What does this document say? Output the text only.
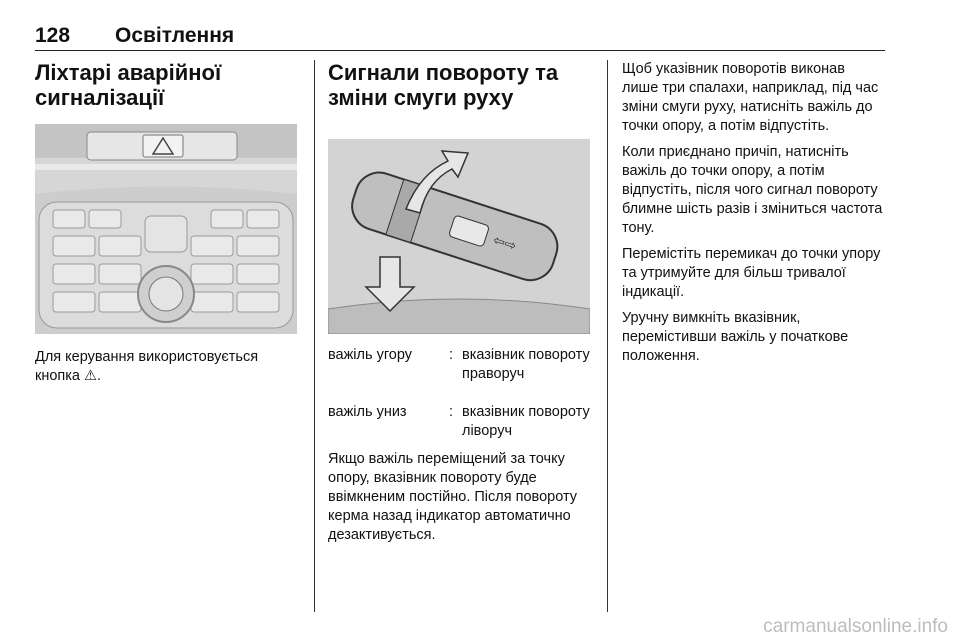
128 Освітлення
Ліхтарі аварійної сигналізації

Для керування використовується кнопка ⚠.

Сигнали повороту та зміни смуги руху
⇦⇨
важіль угору	: вказівник повороту праворуч
важіль униз	: вказівник повороту ліворуч

Якщо важіль переміщений за точку опору, вказівник повороту буде ввімкненим постійно. Після повороту керма назад індикатор автоматично дезактивується.

Щоб указівник поворотів виконав лише три спалахи, наприклад, під час зміни смуги руху, натисніть важіль до точки опору, а потім відпустіть.

Коли приєднано причіп, натисніть важіль до точки опору, а потім відпустіть, після чого сигнал повороту блимне шість разів і зміниться частота тону.

Перемістіть перемикач до точки упору та утримуйте для більш тривалої індикації.

Уручну вимкніть вказівник, перемістивши важіль у початкове положення.

carmanualsonline.info
